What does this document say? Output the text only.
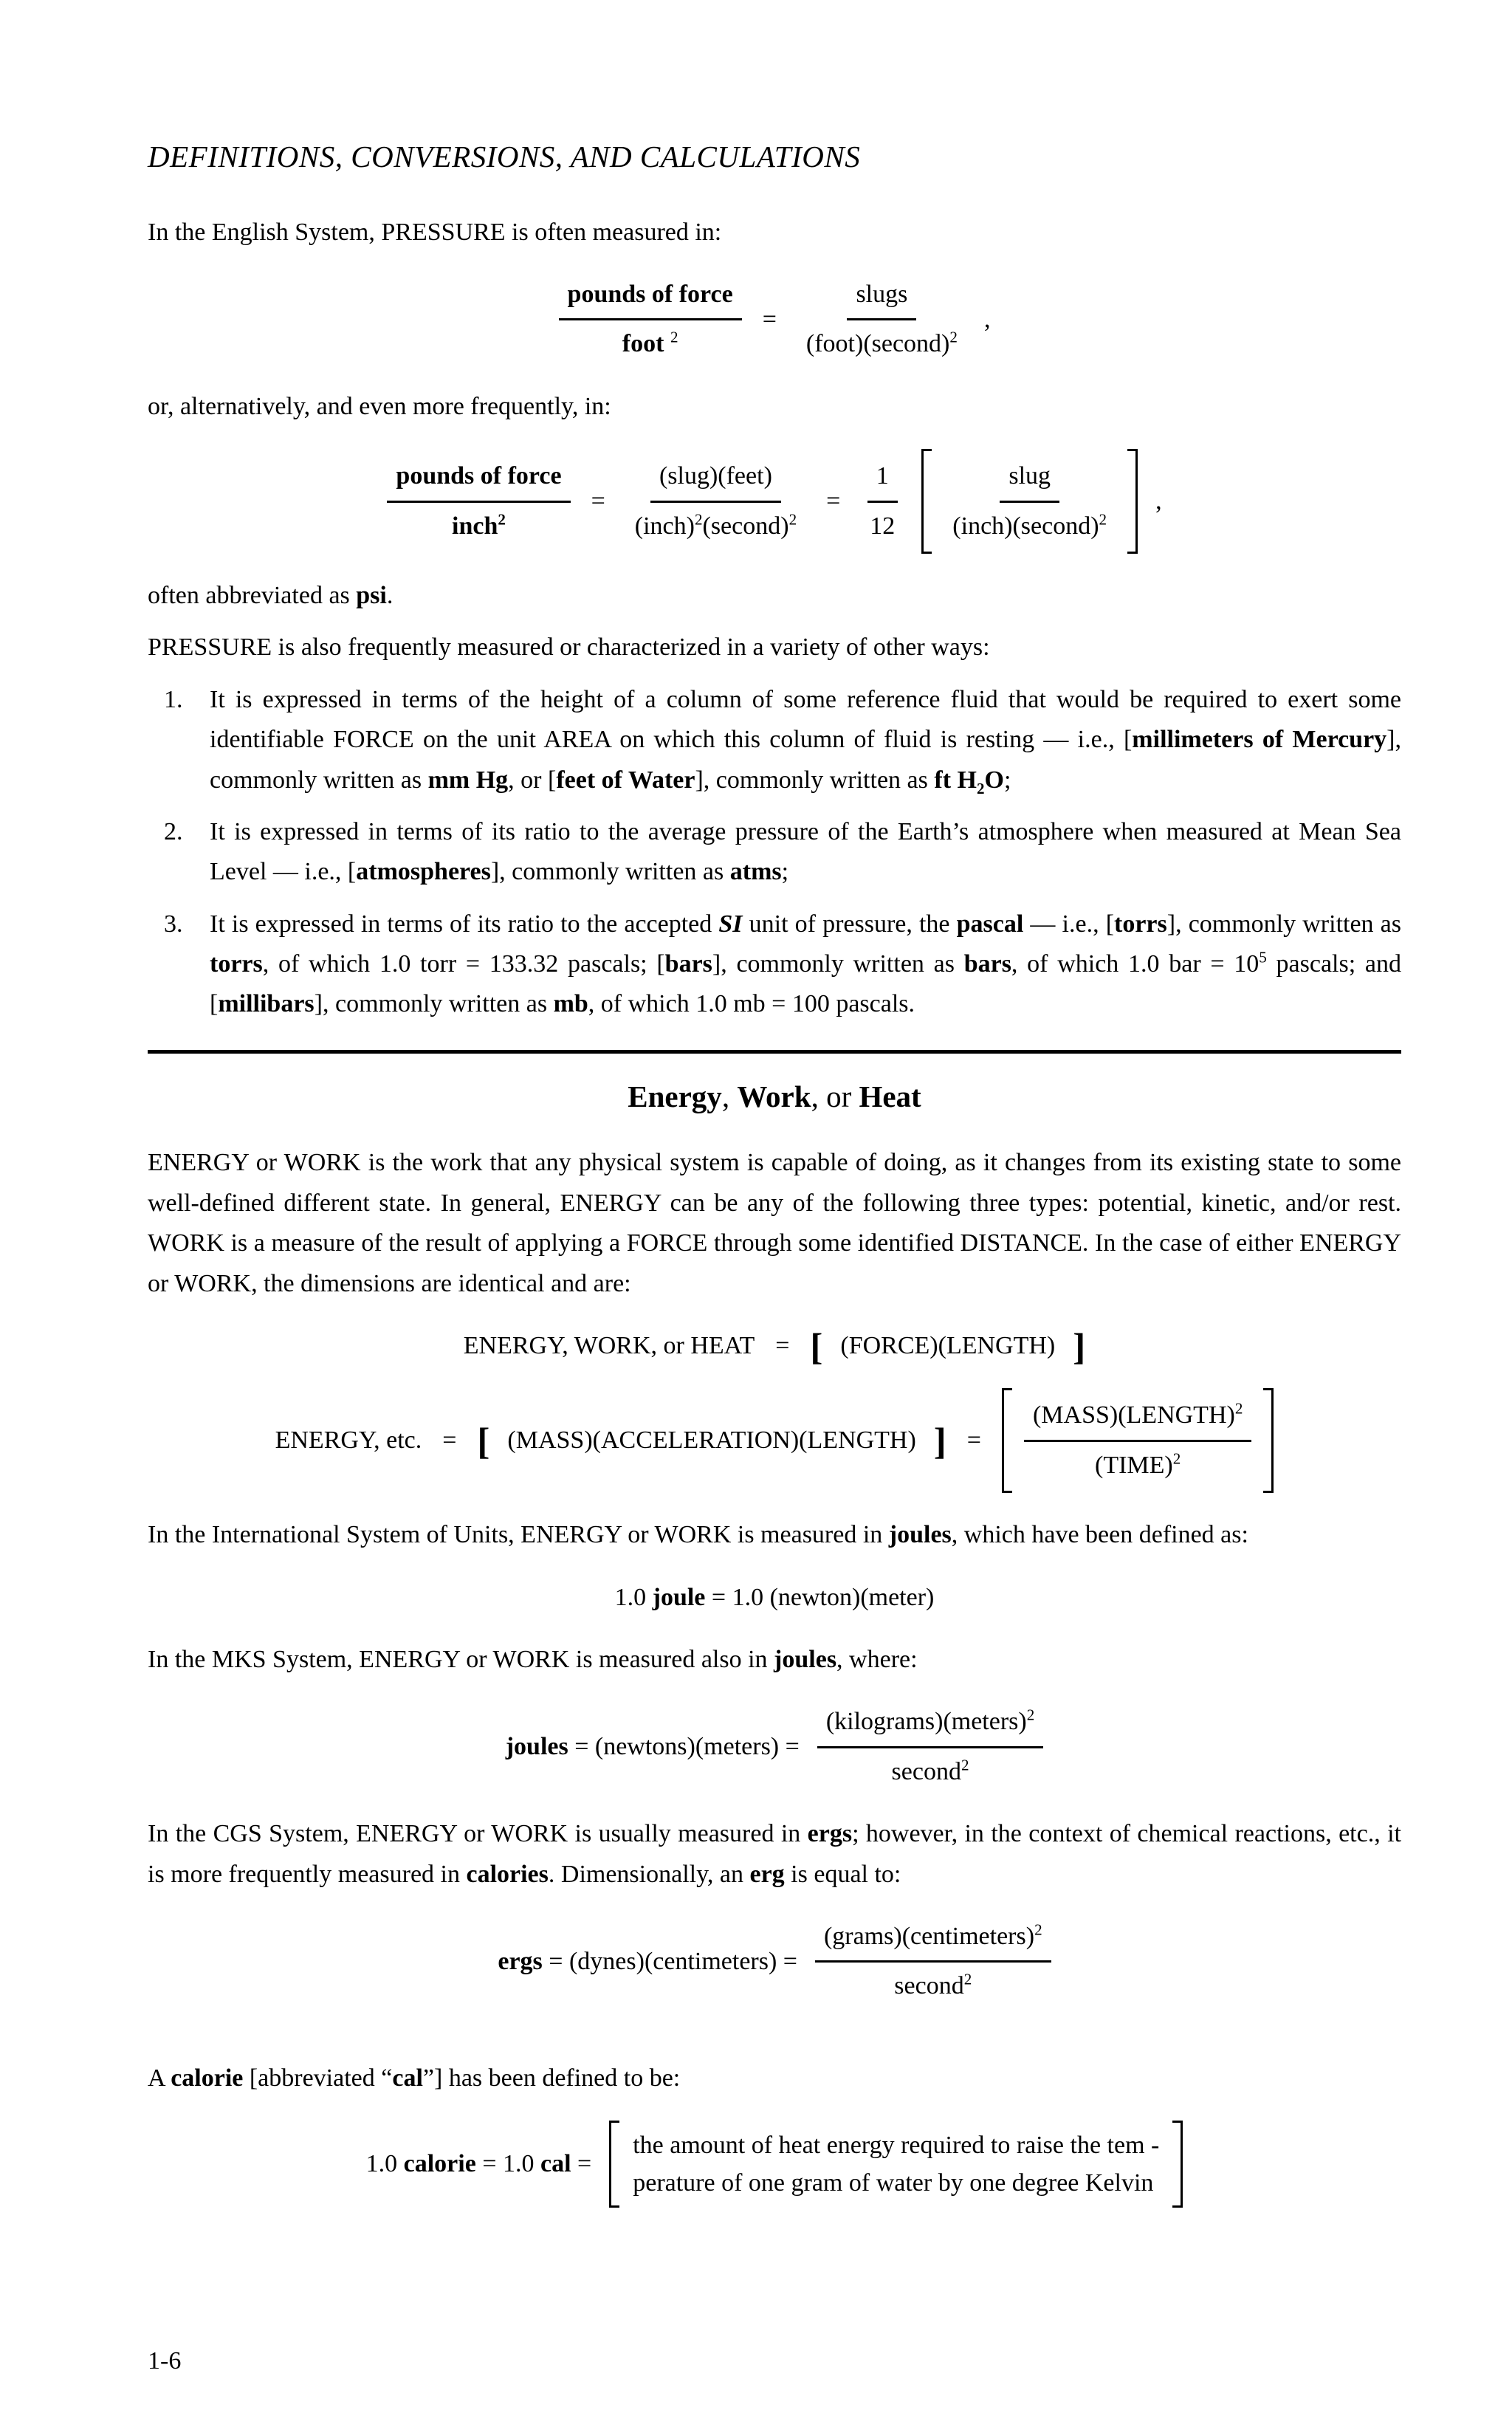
DEFINITIONS, CONVERSIONS, AND CALCULATIONS

In the English System, PRESSURE is often measured in:

$\frac{\text{pounds of force}}{foot ^2} = \frac{\text{slugs}}{(foot)(second)^2}$ ,

or, alternatively, and even more frequently, in:

$\frac{\text{pounds of force}}{inch^2} = \frac{\text{(slug)(feet)}}{(inch)^2(second)^2} = \frac{1}{12} \frac{\text{slug}}{(inch)(second)^2}$ ,

often abbreviated as psi.

PRESSURE is also frequently measured or characterized in a variety of other ways:

1.	It is expressed in terms of the height of a column of some reference fluid that would be required to exert some identifiable FORCE on the unit AREA on which this column of fluid is resting — i.e., [millimeters of Mercury], commonly written as mm Hg, or [feet of Water], commonly written as ft $H_2O$;
2.	It is expressed in terms of its ratio to the average pressure of the Earth’s atmosphere when measured at Mean Sea Level — i.e., [atmospheres], commonly written as atms;
3.	It is expressed in terms of its ratio to the accepted SI unit of pressure, the pascal — i.e., [torrs], commonly written as torrs, of which 1.0 torr = 133.32 pascals; [bars], commonly written as bars, of which 1.0 bar = $10^5$ pascals; and [millibars], commonly written as mb, of which 1.0 mb = 100 pascals.
Energy, Work, or Heat

ENERGY or WORK is the work that any physical system is capable of doing, as it changes from its existing state to some well-defined different state. In general, ENERGY can be any of the following three types: potential, kinetic, and/or rest. WORK is a measure of the result of applying a FORCE through some identified DISTANCE. In the case of either ENERGY or WORK, the dimensions are identical and are:

ENERGY, WORK, or HEAT = [ (FORCE)(LENGTH) ]
ENERGY, etc. = [ (MASS)(ACCELERATION)(LENGTH) ] = $\frac{(MASS)(LENGTH)^2}{(TIME)^2}$

In the International System of Units, ENERGY or WORK is measured in joules, which have been defined as:

1.0 joule = 1.0 (newton)(meter)

In the MKS System, ENERGY or WORK is measured also in joules, where:

joules = (newtons)(meters) = $\frac{(kilograms)(meters)^2}{second^2}$

In the CGS System, ENERGY or WORK is usually measured in ergs; however, in the context of chemical reactions, etc., it is more frequently measured in calories. Dimensionally, an erg is equal to:

ergs = (dynes)(centimeters) = $\frac{(grams)(centimeters)^2}{second^2}$

A calorie [abbreviated “cal”] has been defined to be:

1.0 calorie = 1.0 cal =
the amount of heat energy required to raise the tem -
perature of one gram of water by one degree Kelvin
1-6
